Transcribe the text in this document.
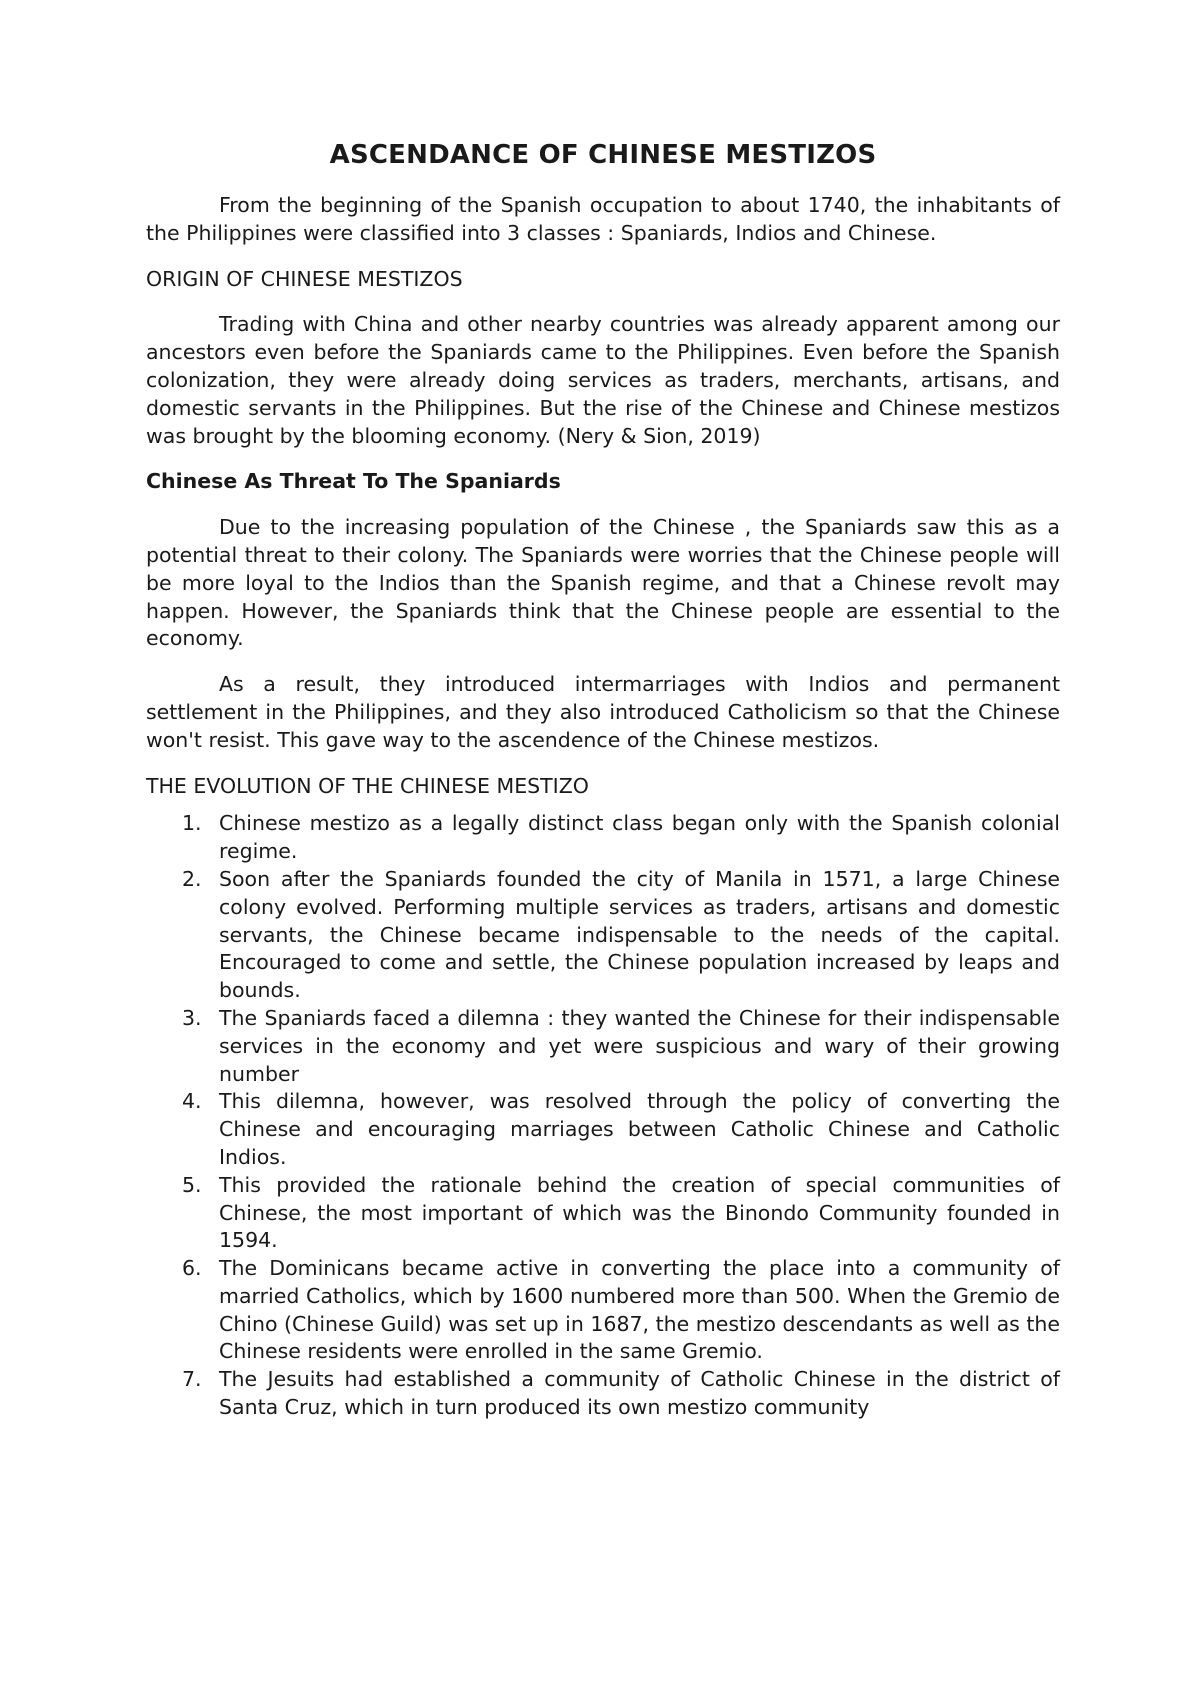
ASCENDANCE OF CHINESE MESTIZOS

From the beginning of the Spanish occupation to about 1740, the inhabitants of the Philippines were classified into 3 classes : Spaniards, Indios and Chinese.

ORIGIN OF CHINESE MESTIZOS

Trading with China and other nearby countries was already apparent among our ancestors even before the Spaniards came to the Philippines. Even before the Spanish colonization, they were already doing services as traders, merchants, artisans, and domestic servants in the Philippines. But the rise of the Chinese and Chinese mestizos was brought by the blooming economy. (Nery & Sion, 2019)

Chinese As Threat To The Spaniards

Due to the increasing population of the Chinese , the Spaniards saw this as a potential threat to their colony. The Spaniards were worries that the Chinese people will be more loyal to the Indios than the Spanish regime, and that a Chinese revolt may happen. However, the Spaniards think that the Chinese people are essential to the economy.

As a result, they introduced intermarriages with Indios and permanent settlement in the Philippines, and they also introduced Catholicism so that the Chinese won't resist. This gave way to the ascendence of the Chinese mestizos.

THE EVOLUTION OF THE CHINESE MESTIZO
1. Chinese mestizo as a legally distinct class began only with the Spanish colonial regime.
2. Soon after the Spaniards founded the city of Manila in 1571, a large Chinese colony evolved. Performing multiple services as traders, artisans and domestic servants, the Chinese became indispensable to the needs of the capital. Encouraged to come and settle, the Chinese population increased by leaps and bounds.
3. The Spaniards faced a dilemna : they wanted the Chinese for their indispensable services in the economy and yet were suspicious and wary of their growing number
4. This dilemna, however, was resolved through the policy of converting the Chinese and encouraging marriages between Catholic Chinese and Catholic Indios.
5. This provided the rationale behind the creation of special communities of Chinese, the most important of which was the Binondo Community founded in 1594.
6. The Dominicans became active in converting the place into a community of married Catholics, which by 1600 numbered more than 500. When the Gremio de Chino (Chinese Guild) was set up in 1687, the mestizo descendants as well as the Chinese residents were enrolled in the same Gremio.
7. The Jesuits had established a community of Catholic Chinese in the district of Santa Cruz, which in turn produced its own mestizo community
